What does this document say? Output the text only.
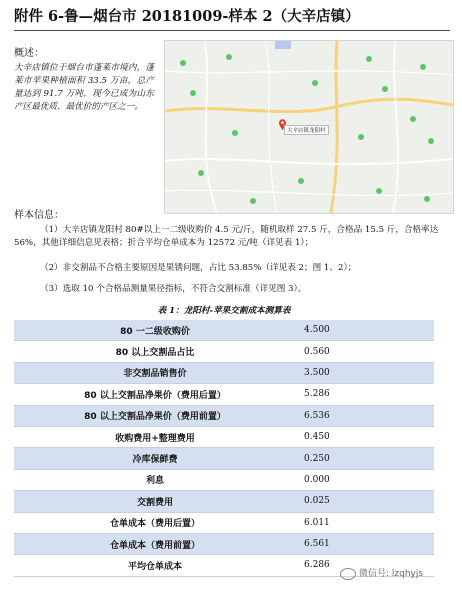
附件 6-鲁—烟台市 20181009-样本 2（大辛店镇）
概述：
大辛店镇位于烟台市蓬莱市境内，蓬莱市苹果种植面积 33.5 万亩，总产量达到 91.7 万吨，现今已成为山东产区最优质、最优价的产区之一。
大辛店镇龙阳村
样本信息：
（1）大辛店镇龙阳村 80#以上一二级收购价 4.5 元/斤，随机取样 27.5 斤，合格品 15.5 斤，合格率达 56%，其他详细信息见表格；折合平均仓单成本为 12572 元/吨（详见表 1）；
（2）非交割品不合格主要原因是果锈问题，占比 53.85%（详见表 2；图 1、2）；
（3）选取 10 个合格品测量果径指标，不符合交割标准（详见图 3）。
表 1：龙阳村-苹果交割成本测算表
80 一二级收购价	4.500
80 以上交割品占比	0.560
非交割品销售价	3.500
80 以上交割品净果价（费用后置）	5.286
80 以上交割品净果价（费用前置）	6.536
收购费用+整理费用	0.450
冷库保鲜费	0.250
利息	0.000
交割费用	0.025
仓单成本（费用后置）	6.011
仓单成本（费用前置）	6.561
平均仓单成本	6.286
微信号: lzqhyjs
